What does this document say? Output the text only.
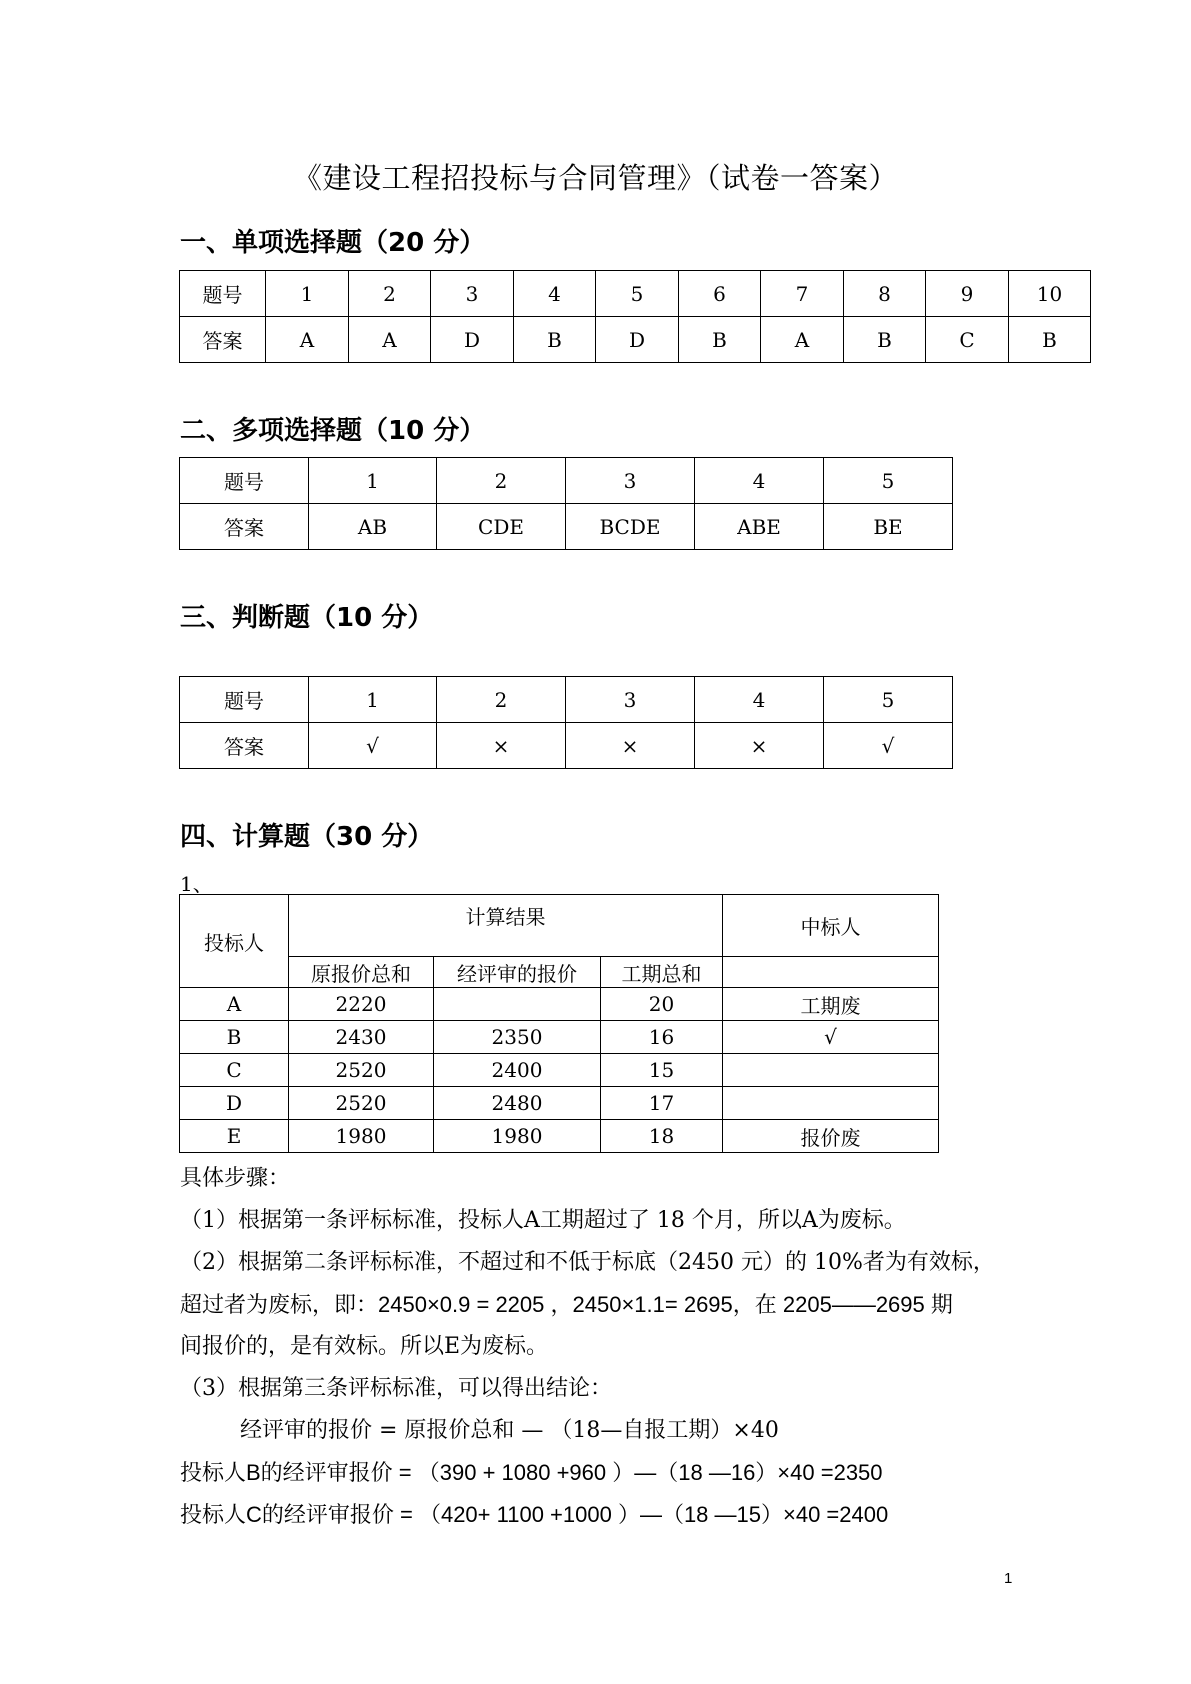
《建设工程招投标与合同管理》（试卷一答案）
一、单项选择题（20 分）
题号	1	2	3	4	5	6	7	8	9	10
答案	A	A	D	B	D	B	A	B	C	B
二、多项选择题（10 分）
题号	1	2	3	4	5
答案	AB	CDE	BCDE	ABE	BE
三、判断题（10 分）
题号	1	2	3	4	5
答案	√	×	×	×	√
四、计算题（30 分）
1、
投标人	计算结果			中标人
	原报价总和	经评审的报价	工期总和	
A	2220		20	工期废
B	2430	2350	16	√
C	2520	2400	15	
D	2520	2480	17	
E	1980	1980	18	报价废
具体步骤：
（1）根据第一条评标标准，投标人A工期超过了 18 个月，所以A为废标。
（2）根据第二条评标标准，不超过和不低于标底（2450 元）的 10%者为有效标，
超过者为废标，即：2450×0.9 = 2205 ，2450×1.1= 2695，在 2205——2695 期
间报价的，是有效标。所以E为废标。
（3）根据第三条评标标准，可以得出结论：
经评审的报价 = 原报价总和 — （18—自报工期）×40
投标人B的经评审报价 = （390 + 1080 +960 ）—（18 —16）×40 =2350
投标人C的经评审报价 = （420+ 1100 +1000 ）—（18 —15）×40 =2400
1
